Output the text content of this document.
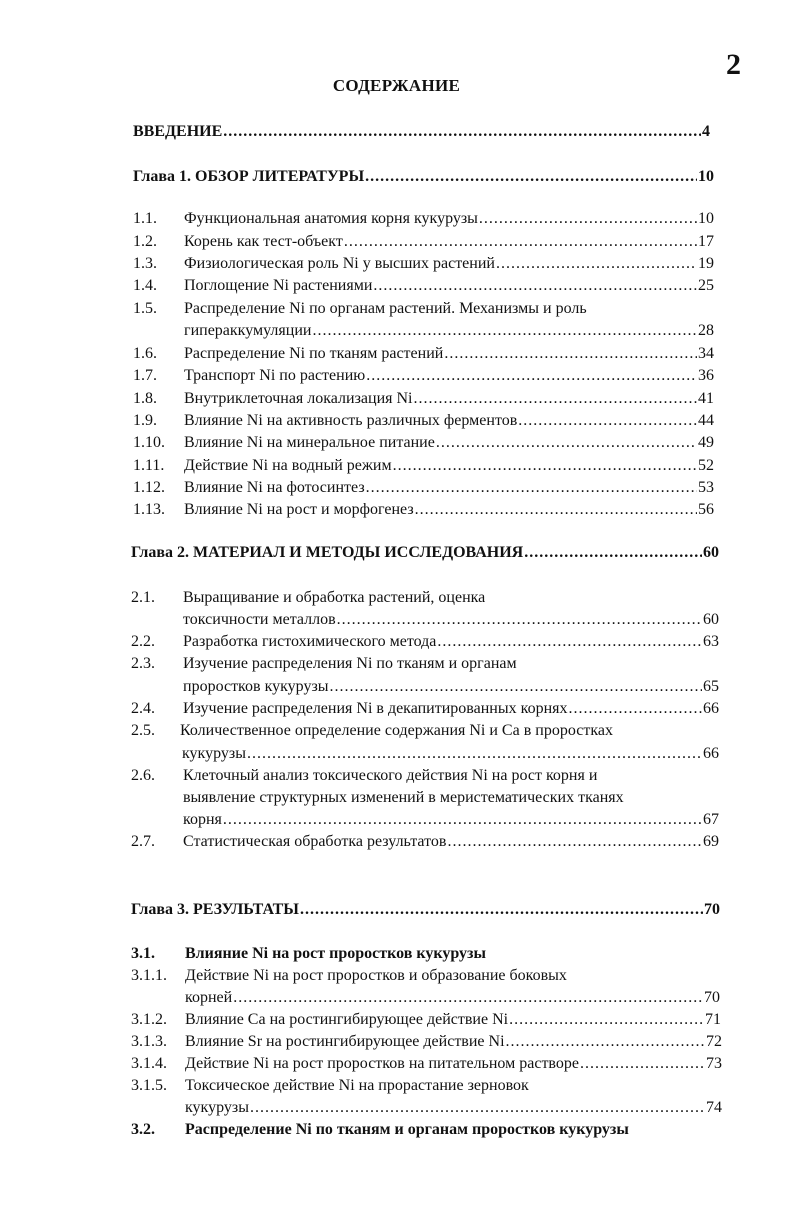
2
СОДЕРЖАНИЕ
ВВЕДЕНИЕ .....	4
Глава 1. ОБЗОР ЛИТЕРАТУРЫ .....	10
1.1.	Функциональная анатомия корня кукурузы .....	10
1.2.	Корень как тест-объект .....	17
1.3.	Физиологическая роль Ni у высших растений .....	19
1.4.	Поглощение Ni растениями .....	25
1.5. Распределение Ni по органам растений. Механизмы и роль
гипераккумуляции .....	28
1.6.	Распределение Ni по тканям растений .....	34
1.7.	Транспорт Ni по растению .....	36
1.8.	Внутриклеточная локализация Ni .....	41
1.9.	Влияние Ni на активность различных ферментов .....	44
1.10.	Влияние Ni на минеральное питание .....	49
1.11.	Действие Ni на водный режим .....	52
1.12.	Влияние Ni на фотосинтез .....	53
1.13.	Влияние Ni на рост и морфогенез .....	56
Глава 2. МАТЕРИАЛ И МЕТОДЫ ИССЛЕДОВАНИЯ .....	60
2.1. Выращивание и обработка растений, оценка
токсичности металлов .....	60
2.2.	Разработка гистохимического метода .....	63
2.3. Изучение распределения Ni по тканям и органам
проростков кукурузы .....	65
2.4.	Изучение распределения Ni в декапитированных корнях .....	66
2.5. Количественное определение содержания Ni и Са в проростках
кукурузы .....	66
2.6. Клеточный анализ токсического действия Ni на рост корня и
выявление структурных изменений в меристематических тканях
корня .....	67
2.7.	Статистическая обработка результатов .....	69
Глава 3. РЕЗУЛЬТАТЫ .....	70
3.1. Влияние Ni на рост проростков кукурузы
3.1.1. Действие Ni на рост проростков и образование боковых
корней .....	70
3.1.2.	Влияние Са на ростингибирующее действие Ni .....	71
3.1.3.	Влияние Sr на ростингибирующее действие Ni .....	72
3.1.4.	Действие Ni на рост проростков на питательном растворе .....	73
3.1.5. Токсическое действие Ni на прорастание зерновок
кукурузы .....	74
3.2. Распределение Ni по тканям и органам проростков кукурузы
